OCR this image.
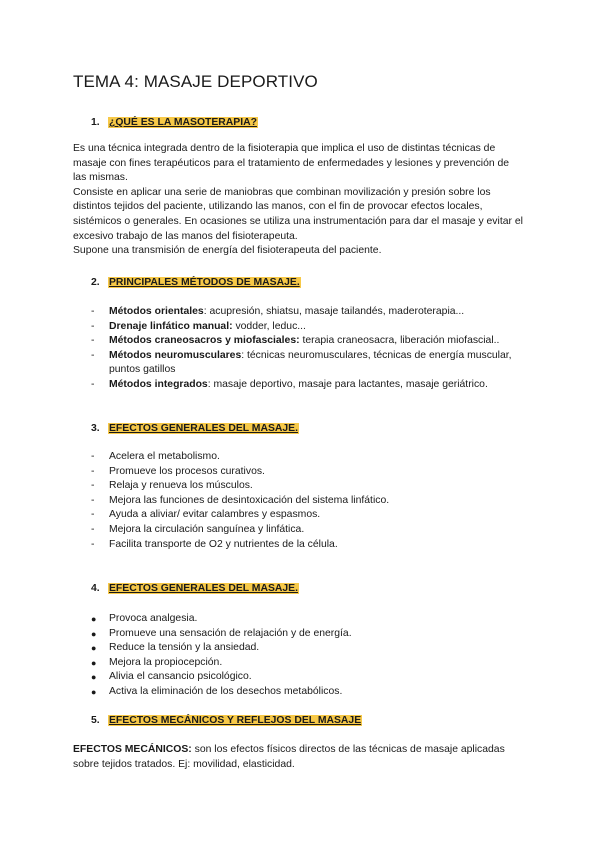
TEMA 4: MASAJE DEPORTIVO
1. ¿QUÉ ES LA MASOTERAPIA?
Es una técnica integrada dentro de la fisioterapia que implica el uso de distintas técnicas de masaje con fines terapéuticos para el tratamiento de enfermedades y lesiones y prevención de las mismas.
Consiste en aplicar una serie de maniobras que combinan movilización y presión sobre los distintos tejidos del paciente, utilizando las manos, con el fin de provocar efectos locales, sistémicos o generales. En ocasiones se utiliza una instrumentación para dar el masaje y evitar el excesivo trabajo de las manos del fisioterapeuta.
Supone una transmisión de energía del fisioterapeuta del paciente.
2. PRINCIPALES MÉTODOS DE MASAJE.
- Métodos orientales: acupresión, shiatsu, masaje tailandés, maderoterapia...
- Drenaje linfático manual: vodder, leduc...
- Métodos craneosacros y miofasciales: terapia craneosacra, liberación miofascial..
- Métodos neuromusculares: técnicas neuromusculares, técnicas de energía muscular, puntos gatillos
- Métodos integrados: masaje deportivo, masaje para lactantes, masaje geriátrico.
3. EFECTOS GENERALES DEL MASAJE.
- Acelera el metabolismo.
- Promueve los procesos curativos.
- Relaja y renueva los músculos.
- Mejora las funciones de desintoxicación del sistema linfático.
- Ayuda a aliviar/ evitar calambres y espasmos.
- Mejora la circulación sanguínea y linfática.
- Facilita transporte de O2 y nutrientes de la célula.
4. EFECTOS GENERALES DEL MASAJE.
● Provoca analgesia.
● Promueve una sensación de relajación y de energía.
● Reduce la tensión y la ansiedad.
● Mejora la propiocepción.
● Alivia el cansancio psicológico.
● Activa la eliminación de los desechos metabólicos.
5. EFECTOS MECÁNICOS Y REFLEJOS DEL MASAJE

EFECTOS MECÁNICOS: son los efectos físicos directos de las técnicas de masaje aplicadas sobre tejidos tratados. Ej: movilidad, elasticidad.
